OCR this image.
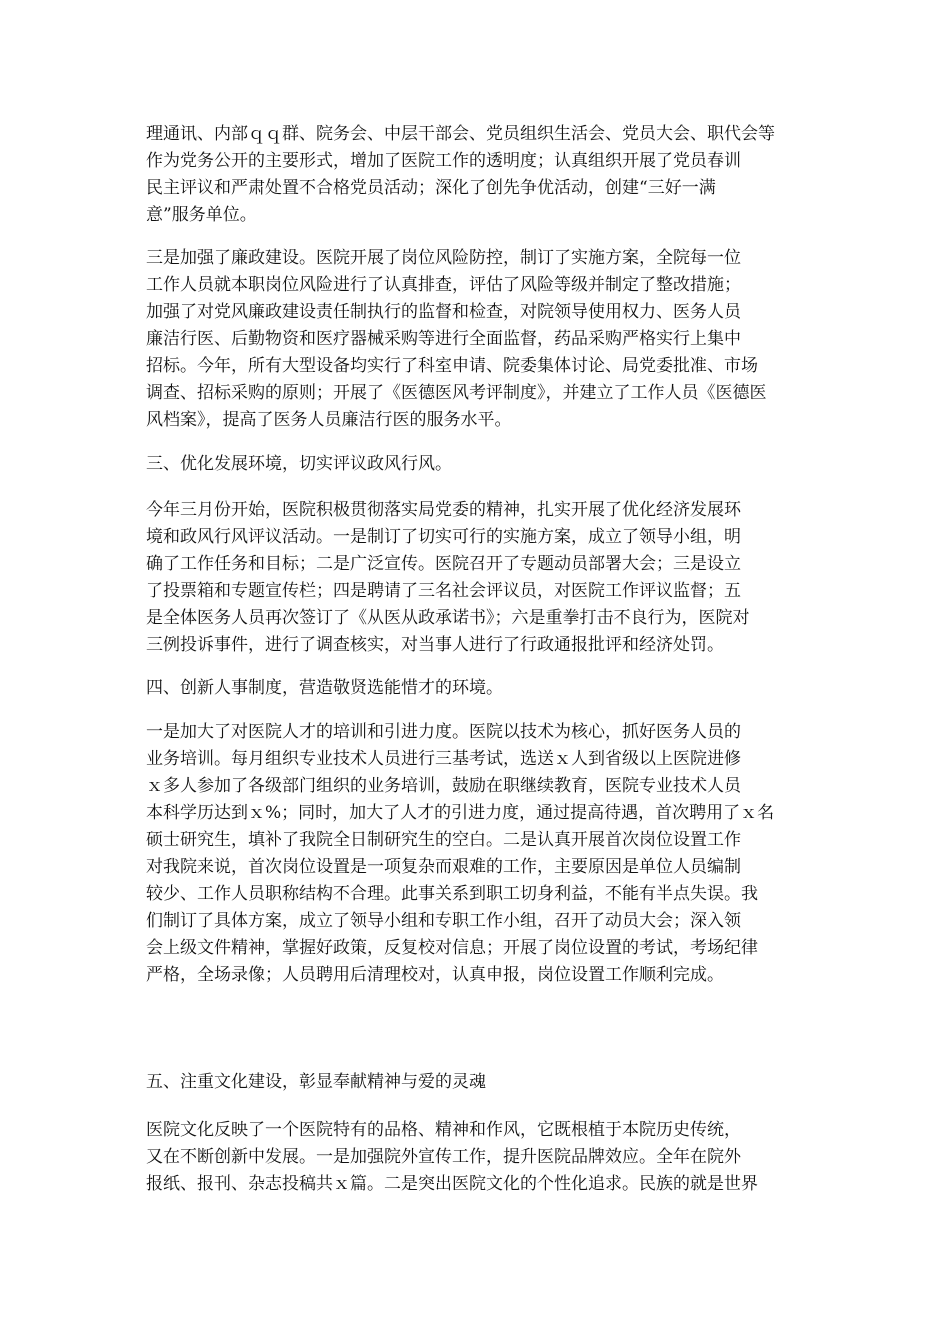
理通讯、内部ｑｑ群、院务会、中层干部会、党员组织生活会、党员大会、职代会等
作为党务公开的主要形式，增加了医院工作的透明度；认真组织开展了党员春训
民主评议和严肃处置不合格党员活动；深化了创先争优活动，创建“三好一满
意”服务单位。

三是加强了廉政建设。医院开展了岗位风险防控，制订了实施方案，全院每一位
工作人员就本职岗位风险进行了认真排查，评估了风险等级并制定了整改措施；
加强了对党风廉政建设责任制执行的监督和检查，对院领导使用权力、医务人员
廉洁行医、后勤物资和医疗器械采购等进行全面监督，药品采购严格实行上集中
招标。今年，所有大型设备均实行了科室申请、院委集体讨论、局党委批准、市场
调查、招标采购的原则；开展了《医德医风考评制度》，并建立了工作人员《医德医
风档案》，提高了医务人员廉洁行医的服务水平。

三、优化发展环境，切实评议政风行风。

今年三月份开始，医院积极贯彻落实局党委的精神，扎实开展了优化经济发展环
境和政风行风评议活动。一是制订了切实可行的实施方案，成立了领导小组，明
确了工作任务和目标；二是广泛宣传。医院召开了专题动员部署大会；三是设立
了投票箱和专题宣传栏；四是聘请了三名社会评议员，对医院工作评议监督；五
是全体医务人员再次签订了《从医从政承诺书》；六是重拳打击不良行为，医院对
三例投诉事件，进行了调查核实，对当事人进行了行政通报批评和经济处罚。

四、创新人事制度，营造敬贤选能惜才的环境。

一是加大了对医院人才的培训和引进力度。医院以技术为核心，抓好医务人员的
业务培训。每月组织专业技术人员进行三基考试，选送ｘ人到省级以上医院进修
ｘ多人参加了各级部门组织的业务培训，鼓励在职继续教育，医院专业技术人员
本科学历达到ｘ%；同时，加大了人才的引进力度，通过提高待遇，首次聘用了ｘ名
硕士研究生，填补了我院全日制研究生的空白。二是认真开展首次岗位设置工作
对我院来说，首次岗位设置是一项复杂而艰难的工作，主要原因是单位人员编制
较少、工作人员职称结构不合理。此事关系到职工切身利益，不能有半点失误。我
们制订了具体方案，成立了领导小组和专职工作小组，召开了动员大会；深入领
会上级文件精神，掌握好政策，反复校对信息；开展了岗位设置的考试，考场纪律
严格，全场录像；人员聘用后清理校对，认真申报，岗位设置工作顺利完成。

五、注重文化建设，彰显奉献精神与爱的灵魂

医院文化反映了一个医院特有的品格、精神和作风，它既根植于本院历史传统，
又在不断创新中发展。一是加强院外宣传工作，提升医院品牌效应。全年在院外
报纸、报刊、杂志投稿共ｘ篇。二是突出医院文化的个性化追求。民族的就是世界
